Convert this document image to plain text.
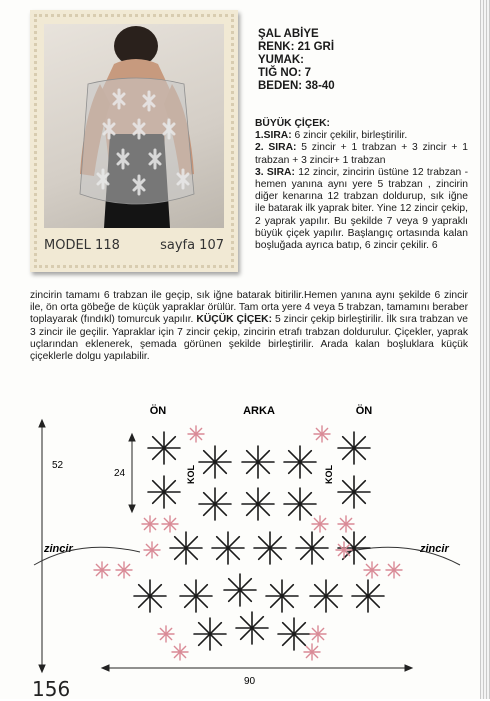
MODEL 118	sayfa 107
ŞAL ABİYE
RENK: 21 GRİ
YUMAK:
TIĞ NO: 7
BEDEN: 38-40
BÜYÜK ÇİÇEK:
1.SIRA: 6 zincir çekilir, birleştirilir.
2. SIRA: 5 zincir + 1 trabzan + 3 zincir + 1 trabzan + 3 zincir+ 1 trabzan
3. SIRA: 12 zincir, zincirin üstüne 12 trabzan - hemen yanına aynı yere 5 trabzan , zincirin diğer kenarına 12 trabzan doldurup, sık iğne ile batarak ilk yaprak biter. Yine 12 zincir çekip, 2 yaprak yapılır. Bu şekilde 7 veya 9 yapraklı büyük çiçek yapılır. Başlangıç ortasında kalan boşluğada ayrıca batıp, 6 zincir çekilir. 6
zincirin tamamı 6 trabzan ile geçip, sık iğne batarak bitirilir.Hemen yanına aynı şekilde 6 zincir ile, ön orta göbeğe de küçük yapraklar örülür. Tam orta yere 4 veya 5 trabzan, tamamını beraber toplayarak (fındıkl) tomurcuk yapılır. KÜÇÜK ÇİÇEK: 5 zincir çekip birleştirilir. İlk sıra trabzan ve 3 zincir ile geçilir. Yapraklar için 7 zincir çekip, zincirin etrafı trabzan doldurulur. Çiçekler, yaprak uçlarından eklenerek, şemada görünen şekilde birleştirilir. Arada kalan boşluklara küçük çiçeklerle dolgu yapılabilir.
ÖN	ARKA	ÖN
52
24	KOL	KOL
zincir	zincir
90
156
